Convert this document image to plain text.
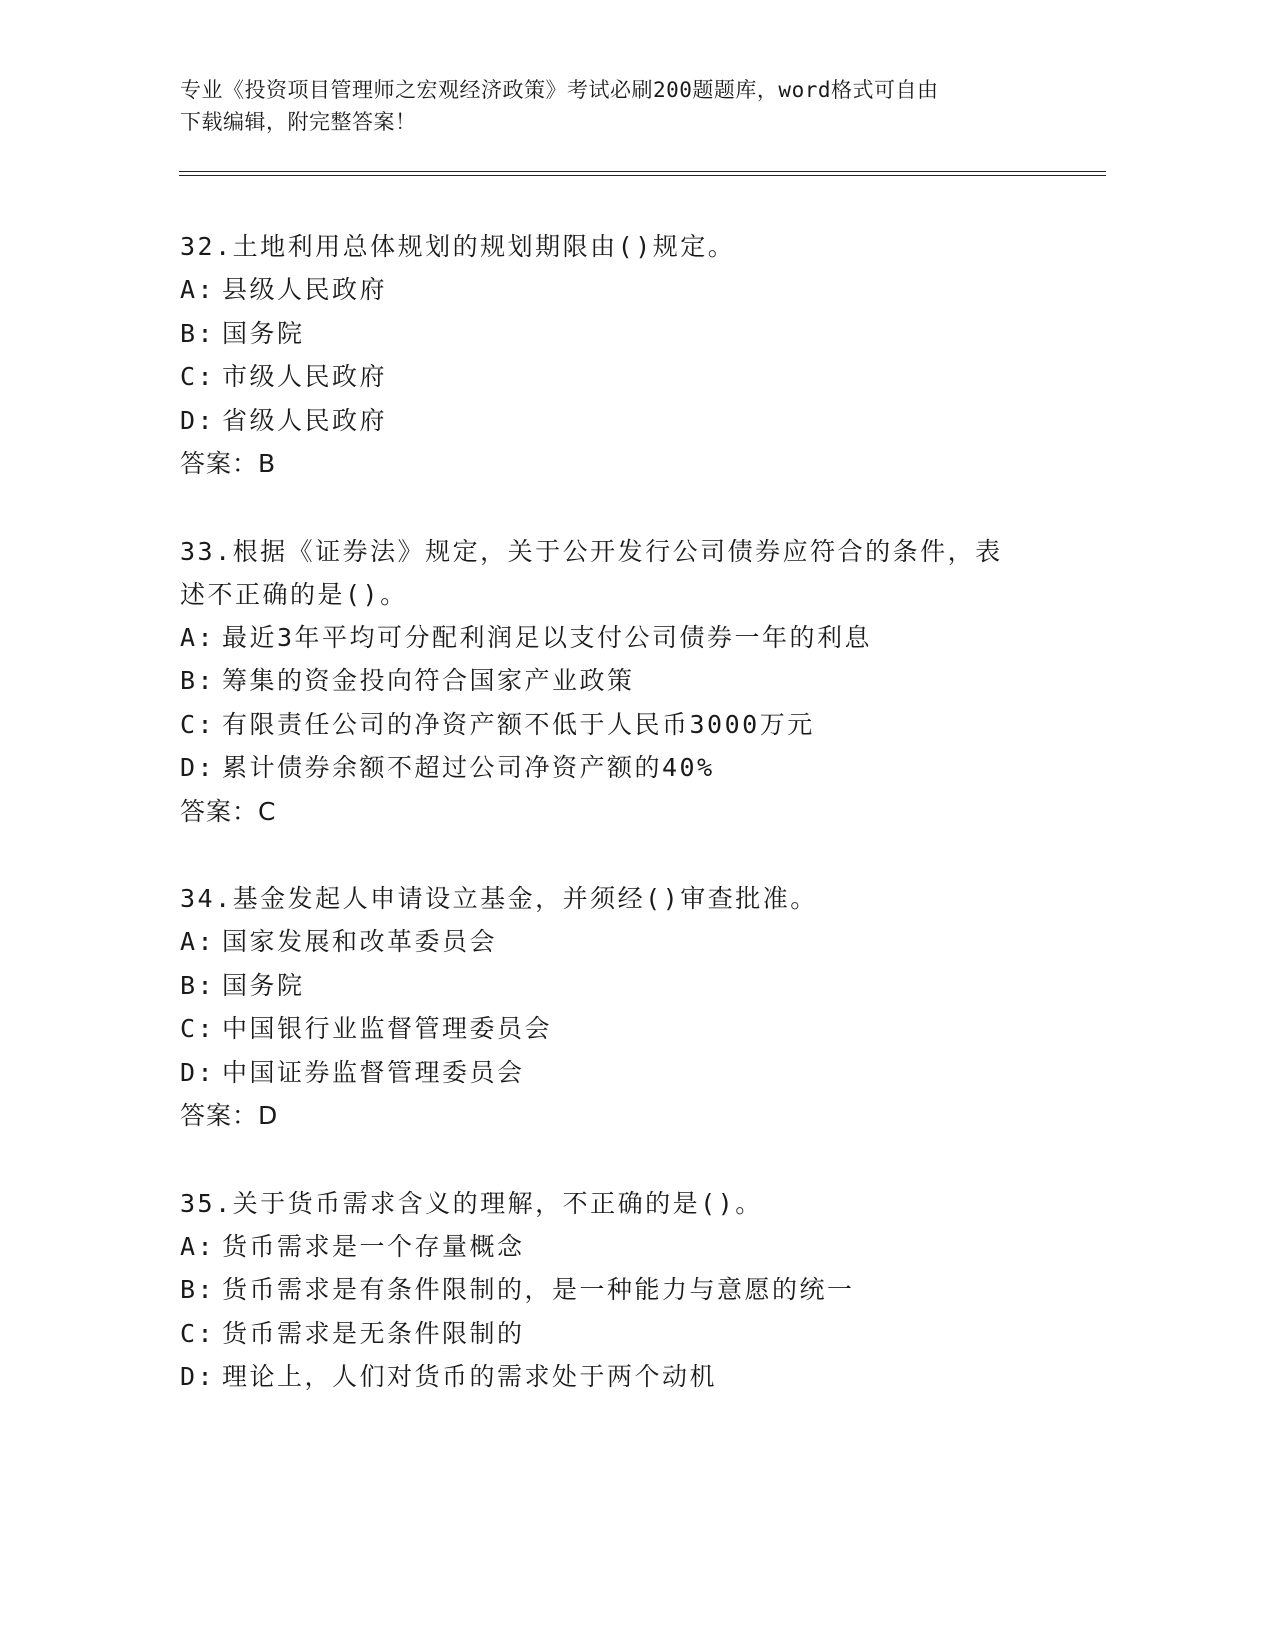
专业《投资项目管理师之宏观经济政策》考试必刷200题题库，word格式可自由
下载编辑，附完整答案！
32.土地利用总体规划的规划期限由()规定。
A: 县级人民政府
B: 国务院
C: 市级人民政府
D: 省级人民政府
答案：B
33.根据《证券法》规定，关于公开发行公司债券应符合的条件，表述不正确的是()。
A: 最近3年平均可分配利润足以支付公司债券一年的利息
B: 筹集的资金投向符合国家产业政策
C: 有限责任公司的净资产额不低于人民币3000万元
D: 累计债券余额不超过公司净资产额的40%
答案：C
34.基金发起人申请设立基金，并须经()审查批准。
A: 国家发展和改革委员会
B: 国务院
C: 中国银行业监督管理委员会
D: 中国证券监督管理委员会
答案：D
35.关于货币需求含义的理解，不正确的是()。
A: 货币需求是一个存量概念
B: 货币需求是有条件限制的，是一种能力与意愿的统一
C: 货币需求是无条件限制的
D: 理论上，人们对货币的需求处于两个动机
